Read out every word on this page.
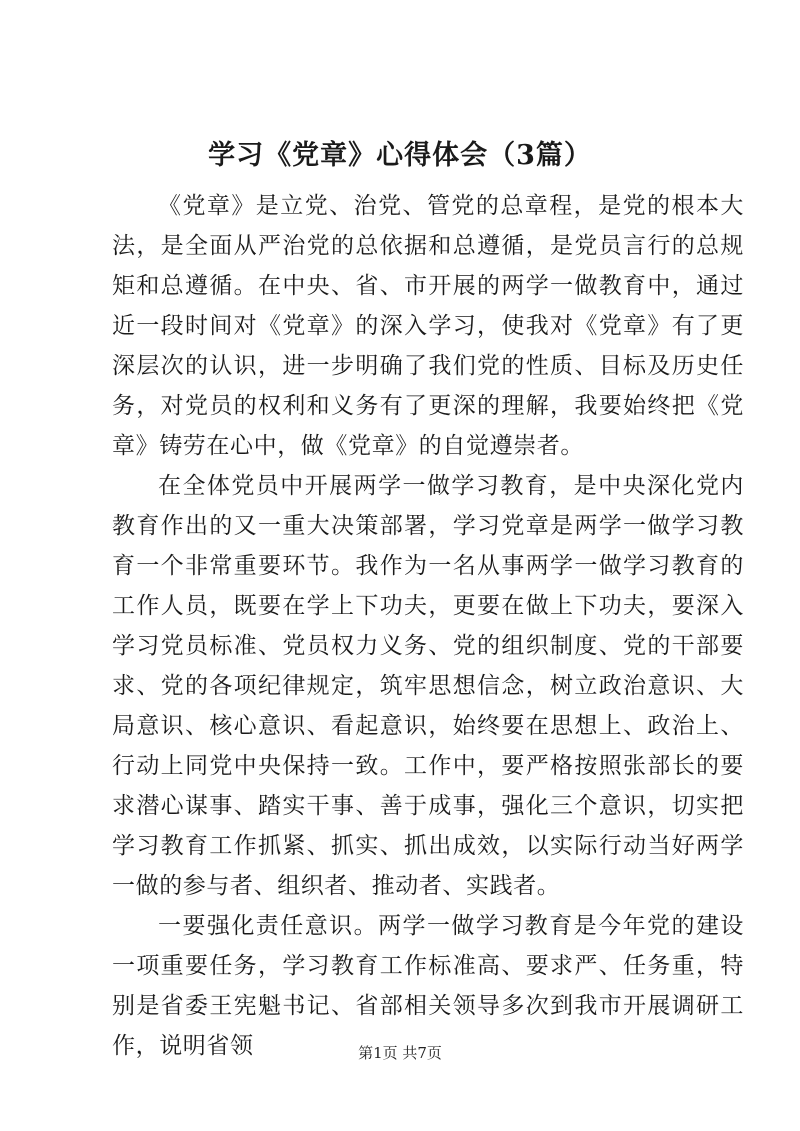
学习《党章》心得体会（3篇）

《党章》是立党、治党、管党的总章程，是党的根本大法，是全面从严治党的总依据和总遵循，是党员言行的总规矩和总遵循。在中央、省、市开展的两学一做教育中，通过近一段时间对《党章》的深入学习，使我对《党章》有了更深层次的认识，进一步明确了我们党的性质、目标及历史任务，对党员的权利和义务有了更深的理解，我要始终把《党章》铸劳在心中，做《党章》的自觉遵崇者。

在全体党员中开展两学一做学习教育，是中央深化党内教育作出的又一重大决策部署，学习党章是两学一做学习教育一个非常重要环节。我作为一名从事两学一做学习教育的工作人员，既要在学上下功夫，更要在做上下功夫，要深入学习党员标准、党员权力义务、党的组织制度、党的干部要求、党的各项纪律规定，筑牢思想信念，树立政治意识、大局意识、核心意识、看起意识，始终要在思想上、政治上、行动上同党中央保持一致。工作中，要严格按照张部长的要求潜心谋事、踏实干事、善于成事，强化三个意识，切实把学习教育工作抓紧、抓实、抓出成效，以实际行动当好两学一做的参与者、组织者、推动者、实践者。

一要强化责任意识。两学一做学习教育是今年党的建设一项重要任务，学习教育工作标准高、要求严、任务重，特别是省委王宪魁书记、省部相关领导多次到我市开展调研工作，说明省领	第1页 共7页
